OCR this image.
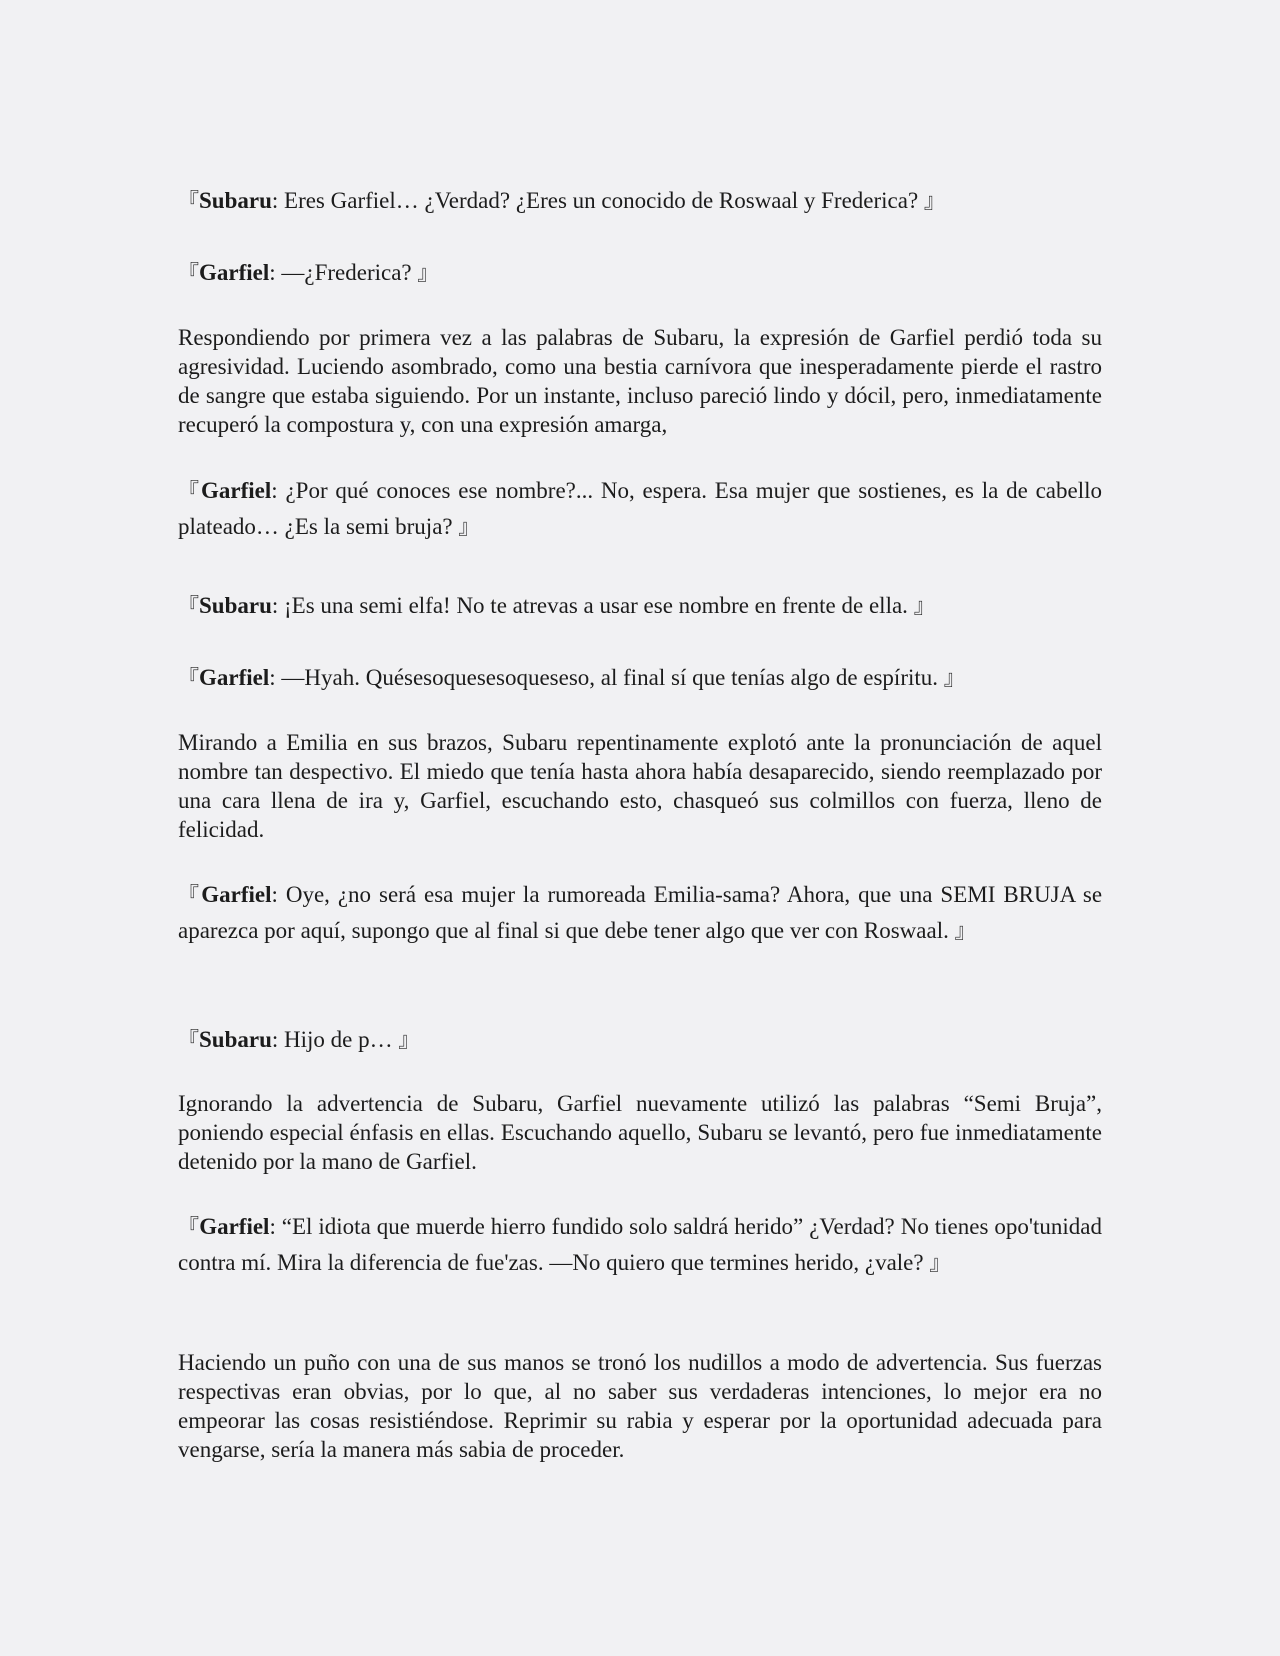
『Subaru: Eres Garfiel… ¿Verdad? ¿Eres un conocido de Roswaal y Frederica? 』

『Garfiel: —¿Frederica? 』

Respondiendo por primera vez a las palabras de Subaru, la expresión de Garfiel perdió toda su agresividad. Luciendo asombrado, como una bestia carnívora que inesperadamente pierde el rastro de sangre que estaba siguiendo. Por un instante, incluso pareció lindo y dócil, pero, inmediatamente recuperó la compostura y, con una expresión amarga,

『Garfiel: ¿Por qué conoces ese nombre?... No, espera. Esa mujer que sostienes, es la de cabello plateado… ¿Es la semi bruja? 』

『Subaru: ¡Es una semi elfa! No te atrevas a usar ese nombre en frente de ella. 』

『Garfiel: —Hyah. Quésesoquesesoqueseso, al final sí que tenías algo de espíritu. 』

Mirando a Emilia en sus brazos, Subaru repentinamente explotó ante la pronunciación de aquel nombre tan despectivo. El miedo que tenía hasta ahora había desaparecido, siendo reemplazado por una cara llena de ira y, Garfiel, escuchando esto, chasqueó sus colmillos con fuerza, lleno de felicidad.

『Garfiel: Oye, ¿no será esa mujer la rumoreada Emilia-sama? Ahora, que una SEMI BRUJA se aparezca por aquí, supongo que al final si que debe tener algo que ver con Roswaal. 』

『Subaru: Hijo de p… 』

Ignorando la advertencia de Subaru, Garfiel nuevamente utilizó las palabras “Semi Bruja”, poniendo especial énfasis en ellas. Escuchando aquello, Subaru se levantó, pero fue inmediatamente detenido por la mano de Garfiel.

『Garfiel: “El idiota que muerde hierro fundido solo saldrá herido” ¿Verdad? No tienes opo'tunidad contra mí. Mira la diferencia de fue'zas. —No quiero que termines herido, ¿vale? 』

Haciendo un puño con una de sus manos se tronó los nudillos a modo de advertencia. Sus fuerzas respectivas eran obvias, por lo que, al no saber sus verdaderas intenciones, lo mejor era no empeorar las cosas resistiéndose. Reprimir su rabia y esperar por la oportunidad adecuada para vengarse, sería la manera más sabia de proceder.
